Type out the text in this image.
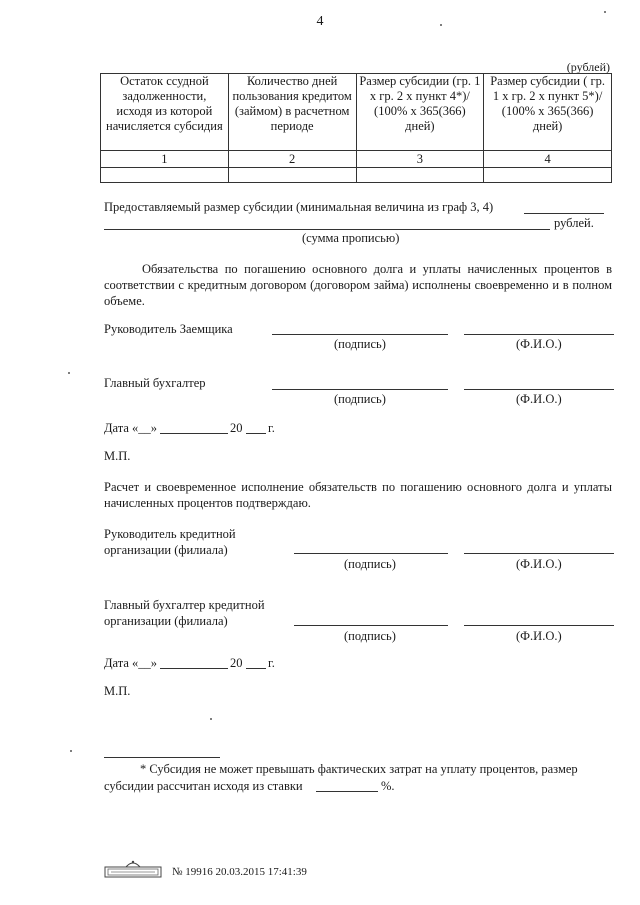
4
(рублей)
Остаток ссудной задолженности, исходя из которой начисляется субсидия	Количество дней пользования кредитом (займом) в расчетном периоде	Размер субсидии (гр. 1 х гр. 2 х пункт 4*)/ (100% х 365(366) дней)	Размер субсидии ( гр. 1 х гр. 2 х пункт 5*)/ (100% х 365(366) дней)
1	2	3	4

Предоставляемый размер субсидии (минимальная величина из граф 3, 4)
рублей.
(сумма прописью)
Обязательства по погашению основного долга и уплаты начисленных процентов в соответствии с кредитным договором (договором займа) исполнены своевременно и в полном объеме.
Руководитель Заемщика
(подпись)	(Ф.И.О.)
Главный бухгалтер
(подпись)	(Ф.И.О.)
Дата «__»	20 г.
М.П.
Расчет и своевременное исполнение обязательств по погашению основного долга и уплаты начисленных процентов подтверждаю.
Руководитель кредитной
организации (филиала)
(подпись)	(Ф.И.О.)
Главный бухгалтер кредитной
организации (филиала)
(подпись)	(Ф.И.О.)
Дата «__»	20 г.
М.П.
* Субсидия не может превышать фактических затрат на уплату процентов, размер
субсидии рассчитан исходя из ставки	%.
№ 19916 20.03.2015 17:41:39
